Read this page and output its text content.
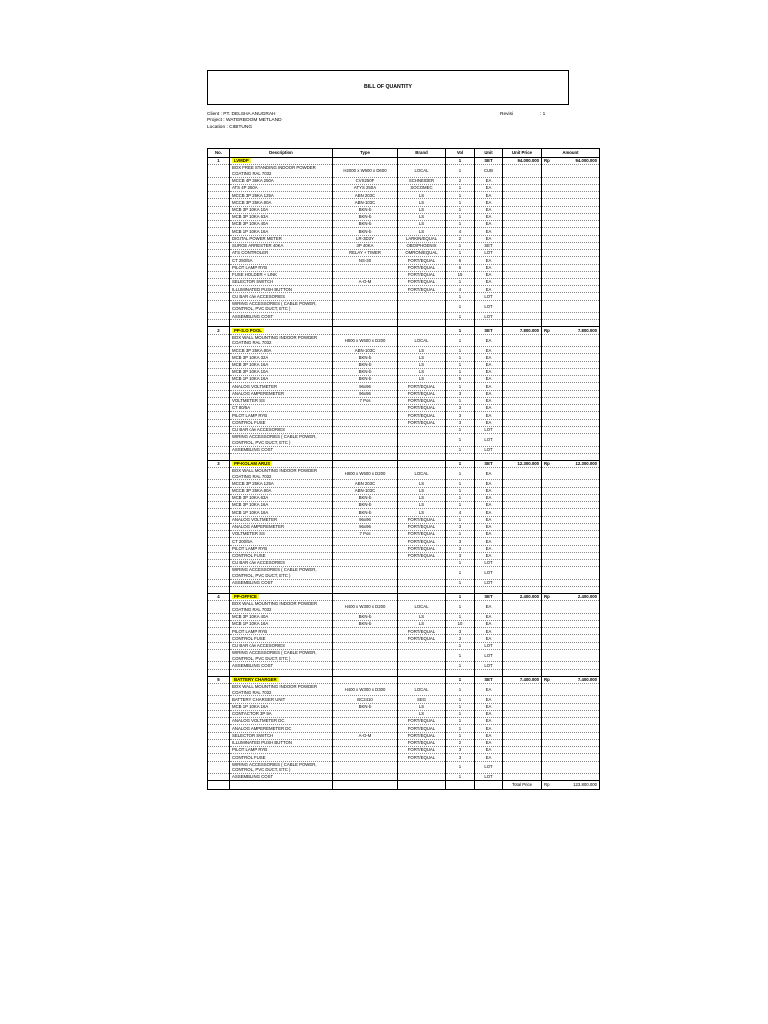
BILL OF QUANTITY
Client : PT. DELSHA ANUGRAH
Project : WATERBOOM METLAND
Location : CIBITUNG
Revisi	: 1
No.	Description	Type	Brand	Vol	Unit	Unit Price	Amount
1	LVMDP			1	SET	94.000.000	Rp 94.000.000
	BOX FREE STANDING INDOOR POWDER COATING RAL 7032	H2000 x W600 x D600	LOCAL	1	CUB		
	MCCB 4P 36KA 250A	CVS250F	SCHNEIDER	2	EA		
	ATS 4P 250A	ATYS 250A	SOCOMEC	1	EA		
	MCCB 3P 25KA 125A	ABN 203C	LS	1	EA		
	MCCB 3P 25KA 80A	ABN-103C	LS	1	EA		
	MCB 3P 10KA 10A	BKN-b	LS	1	EA		
	MCB 3P 10KA 63A	BKN-b	LS	1	EA		
	MCB 3P 10KA 40A	BKN-b	LS	1	EA		
	MCB 1P 10KA 16A	BKN-b	LS	4	EA		
	DIGITAL POWER METER	LR-3D3Y	LARKIN/EQUAL	2	EA		
	SURGE ARRESTER 40KA	3P 40KA	OBO/PHOENIX	1	SET		
	ATS CONTROLER	RELAY + TIMER	OMRON/EQUAL	1	LOT		
	CT 250/5A	NS-30	FORT/EQUAL	6	EA		
	PILOT LAMP RYB		FORT/EQUAL	6	EA		
	FUSE HOLDER + LINK		FORT/EQUAL	15	EA		
	SELECTOR SWITCH	A-O-M	FORT/EQUAL	1	EA		
	ILLUMINATED PUSH BUTTON		FORT/EQUAL	4	EA		
	CU BAR c/w ACCESORIES			1	LOT		
	WIRING ACCESSORIES ( CABLE POWER, CONTROL, PVC DUCT, ETC )			1	LOT		
	ASSEMBLING COST			1	LOT		

2	PP-S.O POOL			1	SET	7.800.000	Rp 7.800.000
	BOX WALL MOUNTING INDOOR POWDER COATING RAL 7032	H800 x W600 x D200	LOCAL	1	EA		
	MCCB 3P 25KA 80A	ABN-103C	LS	1	EA		
	MCB 3P 10KA 32A	BKN-b	LS	1	EA		
	MCB 3P 10KA 16A	BKN-b	LS	1	EA		
	MCB 3P 10KA 10A	BKN-b	LS	1	EA		
	MCB 1P 10KA 16A	BKN-b	LS	5	EA		
	ANALOG VOLTMETER	96x96	FORT/EQUAL	1	EA		
	ANALOG AMPEREMETER	96x96	FORT/EQUAL	3	EA		
	VOLTMETER SS	7 Pos	FORT/EQUAL	1	EA		
	CT 80/5A		FORT/EQUAL	3	EA		
	PILOT LAMP RYB		FORT/EQUAL	3	EA		
	CONTROL FUSE		FORT/EQUAL	3	EA		
	CU BAR c/w ACCESORIES			1	LOT		
	WIRING ACCESSORIES ( CABLE POWER, CONTROL, PVC DUCT, ETC )			1	LOT		
	ASSEMBLING COST			1	LOT		

3	PP-KOLAM ARUS			1	SET	12.300.000	Rp 12.300.000
	BOX WALL MOUNTING INDOOR POWDER COATING RAL 7032	H800 x W600 x D200	LOCAL	1	EA		
	MCCB 3P 25KA 125A	ABN 203C	LS	1	EA		
	MCCB 3P 25KA 80A	ABN-103C	LS	1	EA		
	MCB 3P 10KA 63A	BKN-b	LS	1	EA		
	MCB 3P 10KA 16A	BKN-b	LS	1	EA		
	MCB 1P 10KA 16A	BKN-b	LS	4	EA		
	ANALOG VOLTMETER	96x96	FORT/EQUAL	1	EA		
	ANALOG AMPEREMETER	96x96	FORT/EQUAL	3	EA		
	VOLTMETER SS	7 Pos	FORT/EQUAL	1	EA		
	CT 200/5A		FORT/EQUAL	3	EA		
	PILOT LAMP RYB		FORT/EQUAL	3	EA		
	CONTROL FUSE		FORT/EQUAL	3	EA		
	CU BAR c/w ACCESORIES			1	LOT		
	WIRING ACCESSORIES ( CABLE POWER, CONTROL, PVC DUCT, ETC )			1	LOT		
	ASSEMBLING COST			1	LOT		

4	PP-OFFICE			1	SET	2.400.000	Rp 2.400.000
	BOX WALL MOUNTING INDOOR POWDER COATING RAL 7032	H400 x W300 x D200	LOCAL	1	EA		
	MCB 3P 10KA 40A	BKN-b	LS	1	EA		
	MCB 1P 10KA 16A	BKN-b	LS	10	EA		
	PILOT LAMP RYB		FORT/EQUAL	3	EA		
	CONTROL FUSE		FORT/EQUAL	3	EA		
	CU BAR c/w ACCESORIES			1	LOT		
	WIRING ACCESSORIES ( CABLE POWER, CONTROL, PVC DUCT, ETC )			1	LOT		
	ASSEMBLING COST			1	LOT		

5	BATTERY CHARGER			1	SET	7.400.000	Rp 7.400.000
	BOX WALL MOUNTING INDOOR POWDER COATING RAL 7032	H400 x W300 x D300	LOCAL	1	EA		
	BATTERY CHARGER UNIT	BC2410	SEG	1	EA		
	MCB 1P 10KA 16A	BKN-b	LS	1	EA		
	CONTACTOR 3P 9A		LS	1	EA		
	ANALOG VOLTMETER DC		FORT/EQUAL	1	EA		
	ANALOG AMPEREMETER DC		FORT/EQUAL	1	EA		
	SELECTOR SWITCH	A-O-M	FORT/EQUAL	1	EA		
	ILLUMINATED PUSH BUTTON		FORT/EQUAL	2	EA		
	PILOT LAMP RYB		FORT/EQUAL	3	EA		
	CONTROL FUSE		FORT/EQUAL	3	EA		
	WIRING ACCESSORIES ( CABLE POWER, CONTROL, PVC DUCT, ETC )			1	LOT		
	ASSEMBLING COST			1	LOT		
						Total Price	Rp 123.800.000
